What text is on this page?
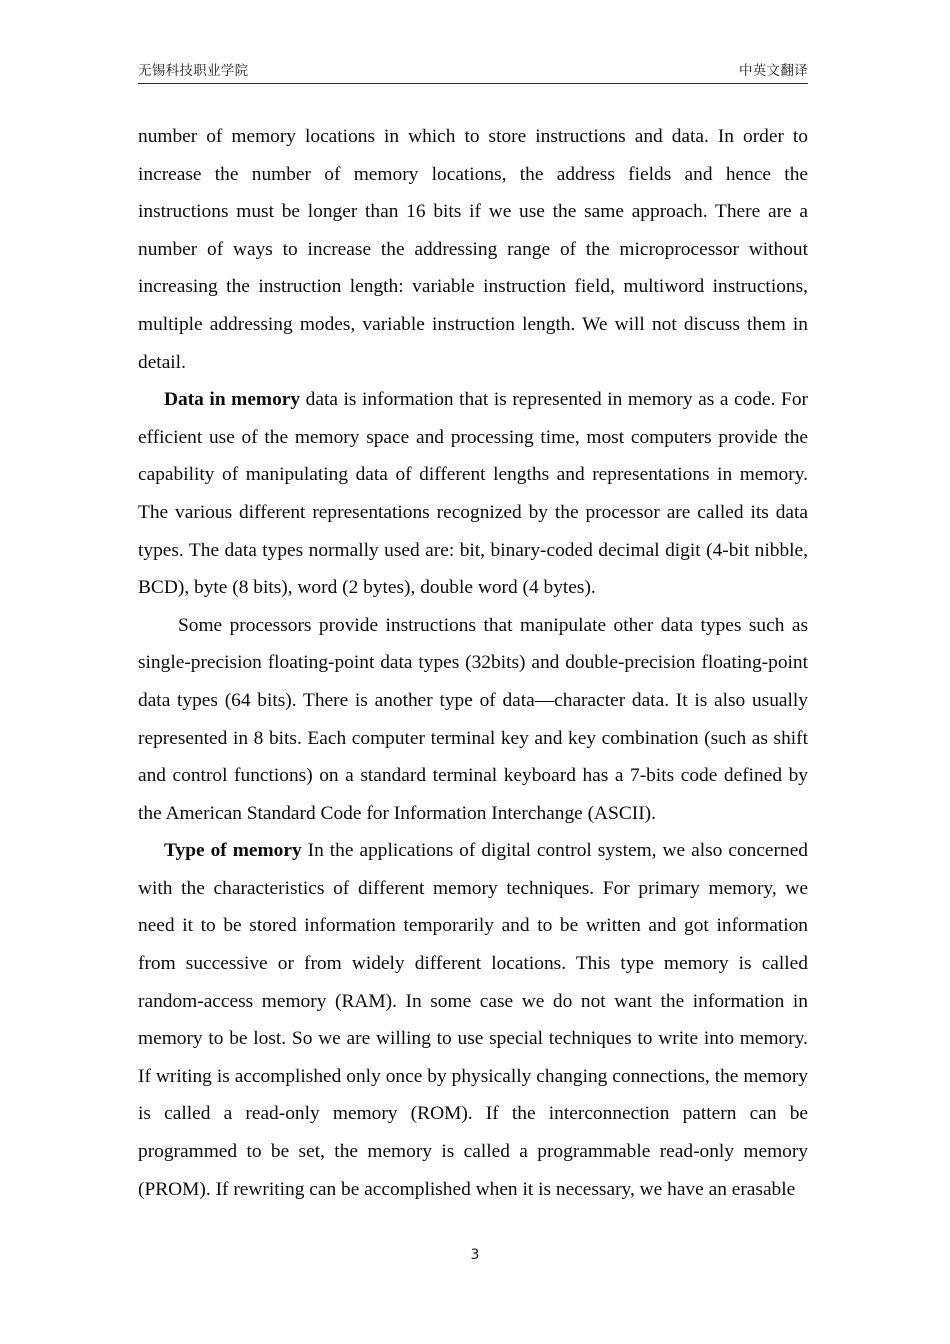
无锡科技职业学院	中英文翻译

number of memory locations in which to store instructions and data. In order to increase the number of memory locations, the address fields and hence the instructions must be longer than 16 bits if we use the same approach. There are a number of ways to increase the addressing range of the microprocessor without increasing the instruction length: variable instruction field, multiword instructions, multiple addressing modes, variable instruction length. We will not discuss them in detail.

Data in memory data is information that is represented in memory as a code. For efficient use of the memory space and processing time, most computers provide the capability of manipulating data of different lengths and representations in memory. The various different representations recognized by the processor are called its data types. The data types normally used are: bit, binary-coded decimal digit (4-bit nibble, BCD), byte (8 bits), word (2 bytes), double word (4 bytes).

Some processors provide instructions that manipulate other data types such as single-precision floating-point data types (32bits) and double-precision floating-point data types (64 bits). There is another type of data—character data. It is also usually represented in 8 bits. Each computer terminal key and key combination (such as shift and control functions) on a standard terminal keyboard has a 7-bits code defined by the American Standard Code for Information Interchange (ASCII).

Type of memory In the applications of digital control system, we also concerned with the characteristics of different memory techniques. For primary memory, we need it to be stored information temporarily and to be written and got information from successive or from widely different locations. This type memory is called random-access memory (RAM). In some case we do not want the information in memory to be lost. So we are willing to use special techniques to write into memory. If writing is accomplished only once by physically changing connections, the memory is called a read-only memory (ROM). If the interconnection pattern can be programmed to be set, the memory is called a programmable read-only memory (PROM). If rewriting can be accomplished when it is necessary, we have an erasable

3
